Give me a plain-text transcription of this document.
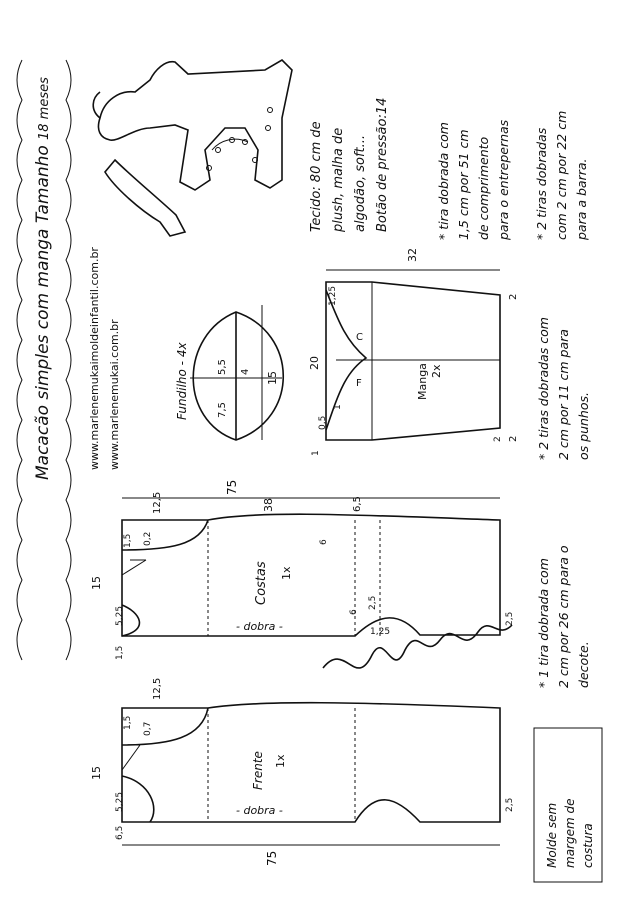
Macacão simples com manga Tamanho
18 meses
www.marlenemukaimoldeinfantil.com.br www.marlenemukai.com.br
Tecido: 80 cm de plush, malha de algodão, soft... Botão de pressão:14	* tira dobrada com 1,5 cm por 51 cm de comprimento para o entrepernas * 2 tiras dobradas com 2 cm por 22 cm para a barra.
* 2 tiras dobradas com 2 cm por 11 cm para os punhos.
* 1 tira dobrada com 2 cm por 26 cm para o decote.
Fundilho - 4x	5,5 4
7,5
15
32
1,25
20
1
0,5
2
2
1
2
C
F	Manga 2x
75
38
12,5	6,5
1,5 0,2
15
5,25
1,5
6
6
2,5
1,25
2,5
Costas 1x
- dobra -
75
12,5
15
1,5 0,7
5,25
6,5
2,5
Frente 1x
- dobra -	Molde sem margem de costura
